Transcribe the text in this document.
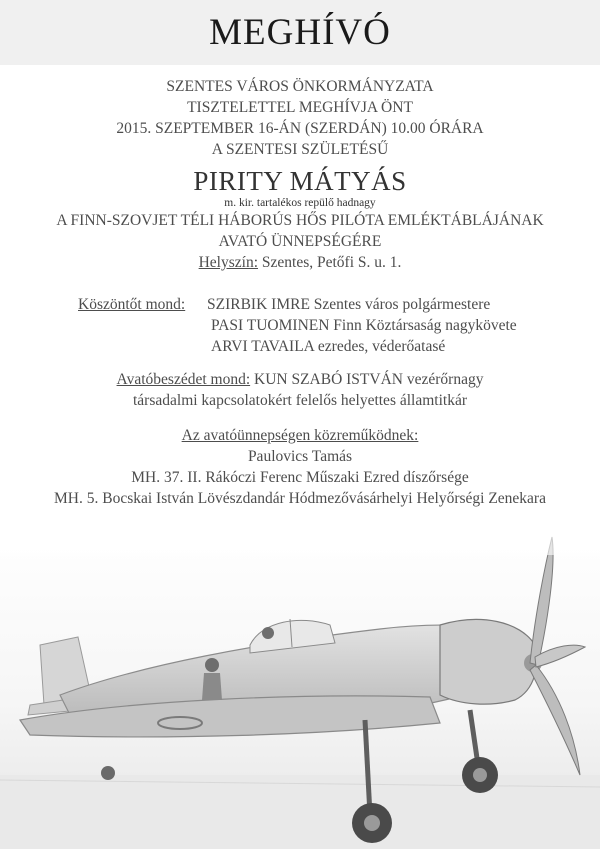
MEGHÍVÓ
SZENTES VÁROS ÖNKORMÁNYZATA
TISZTELETTEL MEGHÍVJA ÖNT
2015. SZEPTEMBER 16-ÁN (SZERDÁN) 10.00 ÓRÁRA
A SZENTESI SZÜLETÉSŰ
PIRITY MÁTYÁS
m. kir. tartalékos repülő hadnagy
A FINN-SZOVJET TÉLI HÁBORÚS HŐS PILÓTA EMLÉKTÁBLÁJÁNAK
AVATÓ ÜNNEPSÉGÉRE
Helyszín: Szentes, Petőfi S. u. 1.
Köszöntőt mond: SZIRBIK IMRE Szentes város polgármestere
PASI TUOMINEN Finn Köztársaság nagykövete
ARVI TAVAILA ezredes, véderőatasé
Avatóbeszédet mond: KUN SZABÓ ISTVÁN vezérőrnagy
társadalmi kapcsolatokért felelős helyettes államtitkár
Az avatóünnepségen közreműködnek:
Paulovics Tamás
MH. 37. II. Rákóczi Ferenc Műszaki Ezred díszőrsége
MH. 5. Bocskai István Lövészdandár Hódmezővásárhelyi Helyőrségi Zenekara
